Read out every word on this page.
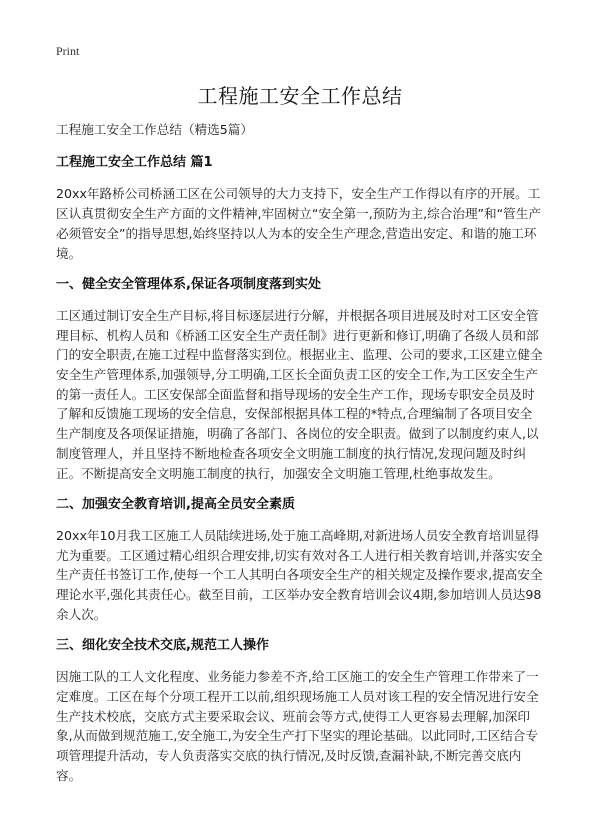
Print
工程施工安全工作总结

工程施工安全工作总结（精选5篇）

工程施工安全工作总结 篇1

20xx年路桥公司桥涵工区在公司领导的大力支持下，安全生产工作得以有序的开展。工区认真贯彻安全生产方面的文件精神,牢固树立“安全第一,预防为主,综合治理”和“管生产必须管安全”的指导思想,始终坚持以人为本的安全生产理念,营造出安定、和谐的施工环境。

一、健全安全管理体系,保证各项制度落到实处

工区通过制订安全生产目标,将目标逐层进行分解，并根据各项目进展及时对工区安全管理目标、机构人员和《桥涵工区安全生产责任制》进行更新和修订,明确了各级人员和部门的安全职责,在施工过程中监督落实到位。根据业主、监理、公司的要求,工区建立健全安全生产管理体系,加强领导,分工明确,工区长全面负责工区的安全工作,为工区安全生产的第一责任人。工区安保部全面监督和指导现场的安全生产工作，现场专职安全员及时了解和反馈施工现场的安全信息，安保部根据具体工程的*特点,合理编制了各项目安全生产制度及各项保证措施，明确了各部门、各岗位的安全职责。做到了以制度约束人,以制度管理人，并且坚持不断地检查各项安全文明施工制度的执行情况,发现问题及时纠正。不断提高安全文明施工制度的执行，加强安全文明施工管理,杜绝事故发生。

二、加强安全教育培训,提高全员安全素质

20xx年10月我工区施工人员陆续进场,处于施工高峰期,对新进场人员安全教育培训显得尤为重要。工区通过精心组织合理安排,切实有效对各工人进行相关教育培训,并落实安全生产责任书签订工作,使每一个工人其明白各项安全生产的相关规定及操作要求,提高安全理论水平,强化其责任心。截至目前，工区举办安全教育培训会议4期,参加培训人员达98余人次。

三、细化安全技术交底,规范工人操作

因施工队的工人文化程度、业务能力参差不齐,给工区施工的安全生产管理工作带来了一定难度。工区在每个分项工程开工以前,组织现场施工人员对该工程的安全情况进行安全生产技术校底，交底方式主要采取会议、班前会等方式,使得工人更容易去理解,加深印象,从而做到规范施工,安全施工,为安全生产打下坚实的理论基础。以此同时,工区结合专项管理提升活动，专人负责落实交底的执行情况,及时反馈,查漏补缺,不断完善交底内容。
